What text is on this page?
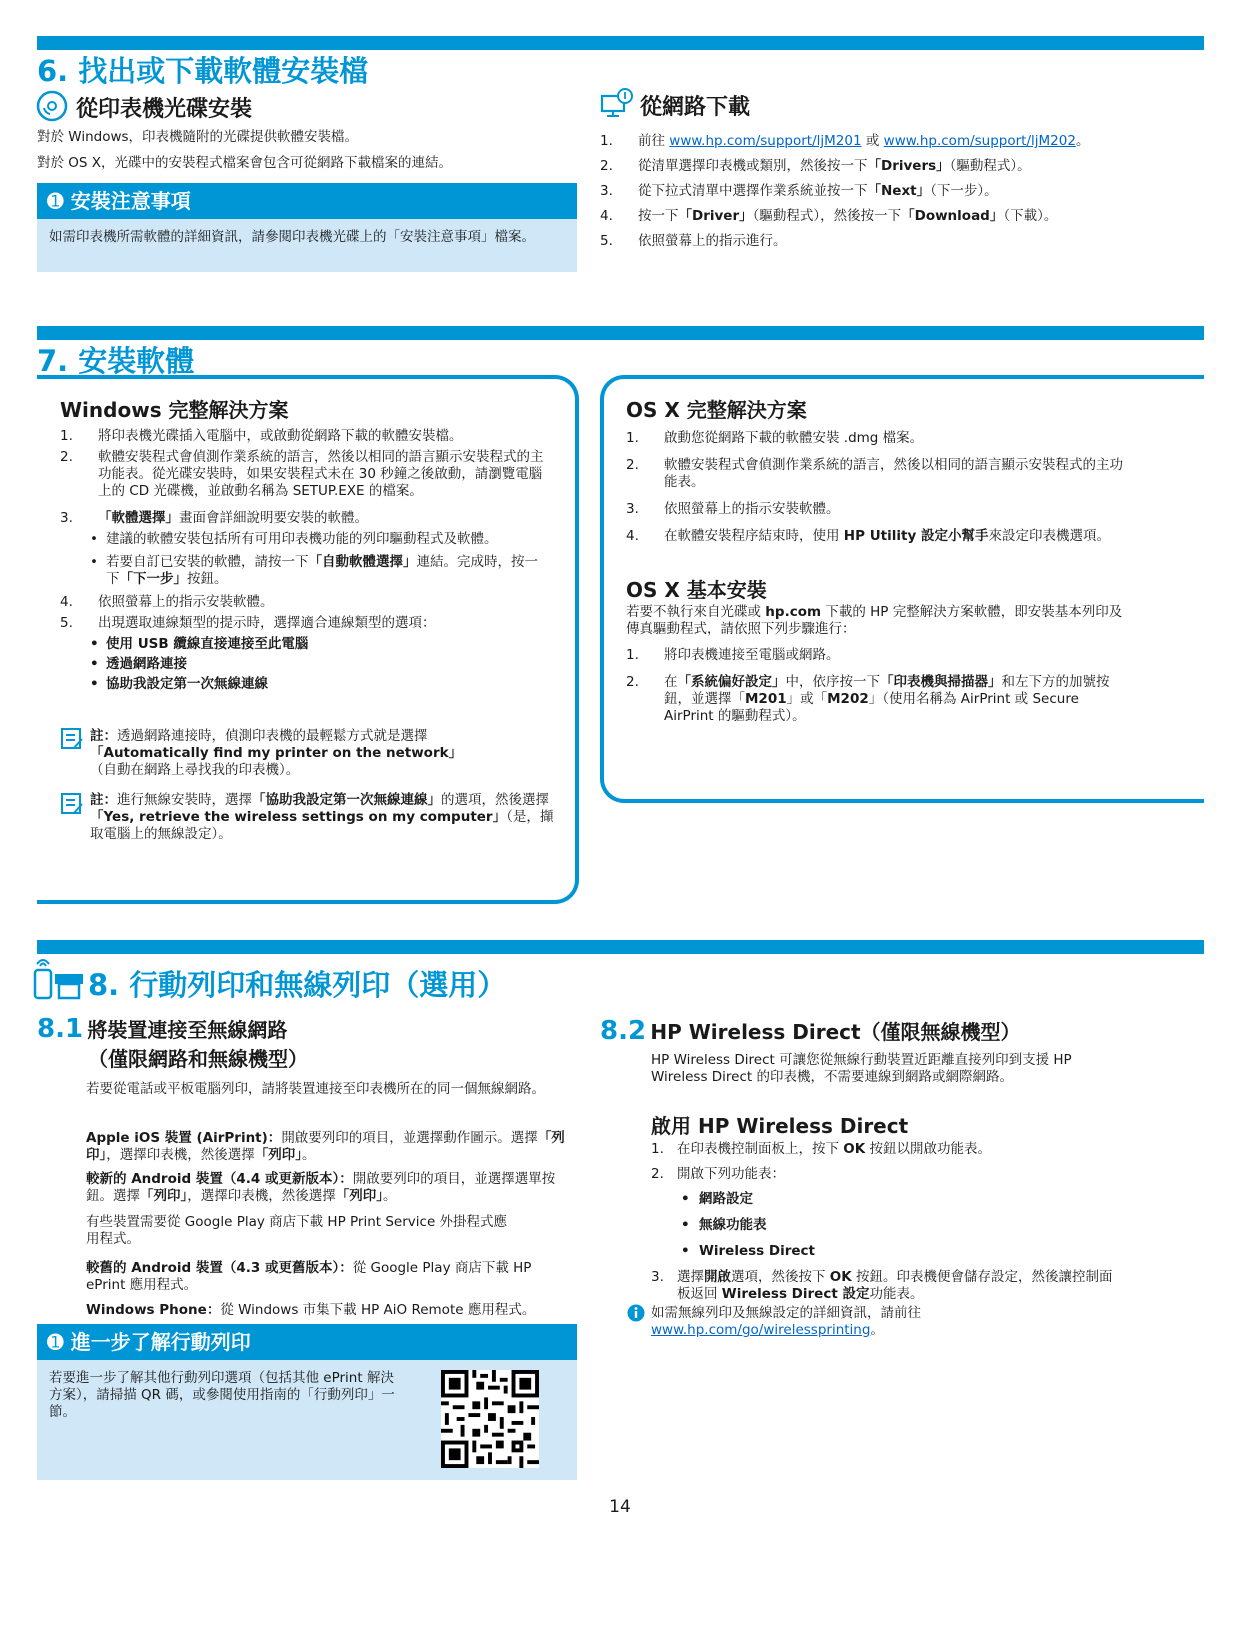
6. 找出或下載軟體安裝檔
從印表機光碟安裝
對於 Windows，印表機隨附的光碟提供軟體安裝檔。
對於 OS X，光碟中的安裝程式檔案會包含可從網路下載檔案的連結。
➊ 安裝注意事項
如需印表機所需軟體的詳細資訊，請參閱印表機光碟上的「安裝注意事項」檔案。
從網路下載
1. 前往 www.hp.com/support/ljM201 或 www.hp.com/support/ljM202。
2. 從清單選擇印表機或類別，然後按一下「Drivers」（驅動程式）。
3. 從下拉式清單中選擇作業系統並按一下「Next」（下一步）。
4. 按一下「Driver」（驅動程式），然後按一下「Download」（下載）。
5. 依照螢幕上的指示進行。
7. 安裝軟體
Windows 完整解決方案
1. 將印表機光碟插入電腦中，或啟動從網路下載的軟體安裝檔。
2. 軟體安裝程式會偵測作業系統的語言，然後以相同的語言顯示安裝程式的主功能表。從光碟安裝時，如果安裝程式未在 30 秒鐘之後啟動，請瀏覽電腦上的 CD 光碟機，並啟動名稱為 SETUP.EXE 的檔案。
3. 「軟體選擇」畫面會詳細說明要安裝的軟體。
• 建議的軟體安裝包括所有可用印表機功能的列印驅動程式及軟體。
• 若要自訂已安裝的軟體，請按一下「自動軟體選擇」連結。完成時，按一下「下一步」按鈕。
4. 依照螢幕上的指示安裝軟體。
5. 出現選取連線類型的提示時，選擇適合連線類型的選項：
• 使用 USB 纜線直接連接至此電腦
• 透過網路連接
• 協助我設定第一次無線連線
註：透過網路連接時，偵測印表機的最輕鬆方式就是選擇
「Automatically find my printer on the network」
（自動在網路上尋找我的印表機）。
註：進行無線安裝時，選擇「協助我設定第一次無線連線」的選項，然後選擇「Yes, retrieve the wireless settings on my computer」（是，擷取電腦上的無線設定）。
OS X 完整解決方案
1. 啟動您從網路下載的軟體安裝 .dmg 檔案。
2. 軟體安裝程式會偵測作業系統的語言，然後以相同的語言顯示安裝程式的主功能表。
3. 依照螢幕上的指示安裝軟體。
4. 在軟體安裝程序結束時，使用 HP Utility 設定小幫手來設定印表機選項。
OS X 基本安裝
若要不執行來自光碟或 hp.com 下載的 HP 完整解決方案軟體，即安裝基本列印及傳真驅動程式，請依照下列步驟進行：
1. 將印表機連接至電腦或網路。
2. 在「系統偏好設定」中，依序按一下「印表機與掃描器」和左下方的加號按鈕，並選擇「M201」或「M202」（使用名稱為 AirPrint 或 Secure AirPrint 的驅動程式）。
8. 行動列印和無線列印（選用）
8.1 將裝置連接至無線網路
（僅限網路和無線機型）
若要從電話或平板電腦列印，請將裝置連接至印表機所在的同一個無線網路。
Apple iOS 裝置 (AirPrint)：開啟要列印的項目，並選擇動作圖示。選擇「列印」，選擇印表機，然後選擇「列印」。
較新的 Android 裝置（4.4 或更新版本）：開啟要列印的項目，並選擇選單按鈕。選擇「列印」，選擇印表機，然後選擇「列印」。
有些裝置需要從 Google Play 商店下載 HP Print Service 外掛程式應用程式。
較舊的 Android 裝置（4.3 或更舊版本）：從 Google Play 商店下載 HP ePrint 應用程式。
Windows Phone：從 Windows 市集下載 HP AiO Remote 應用程式。
➊ 進一步了解行動列印
若要進一步了解其他行動列印選項（包括其他 ePrint 解決方案），請掃描 QR 碼，或參閱使用指南的「行動列印」一節。
8.2 HP Wireless Direct（僅限無線機型）
HP Wireless Direct 可讓您從無線行動裝置近距離直接列印到支援 HP Wireless Direct 的印表機，不需要連線到網路或網際網路。
啟用 HP Wireless Direct
1. 在印表機控制面板上，按下 OK 按鈕以開啟功能表。
2. 開啟下列功能表：
• 網路設定
• 無線功能表
• Wireless Direct
3. 選擇開啟選項，然後按下 OK 按鈕。印表機便會儲存設定，然後讓控制面板返回 Wireless Direct 設定功能表。
如需無線列印及無線設定的詳細資訊，請前往
www.hp.com/go/wirelessprinting。
14
